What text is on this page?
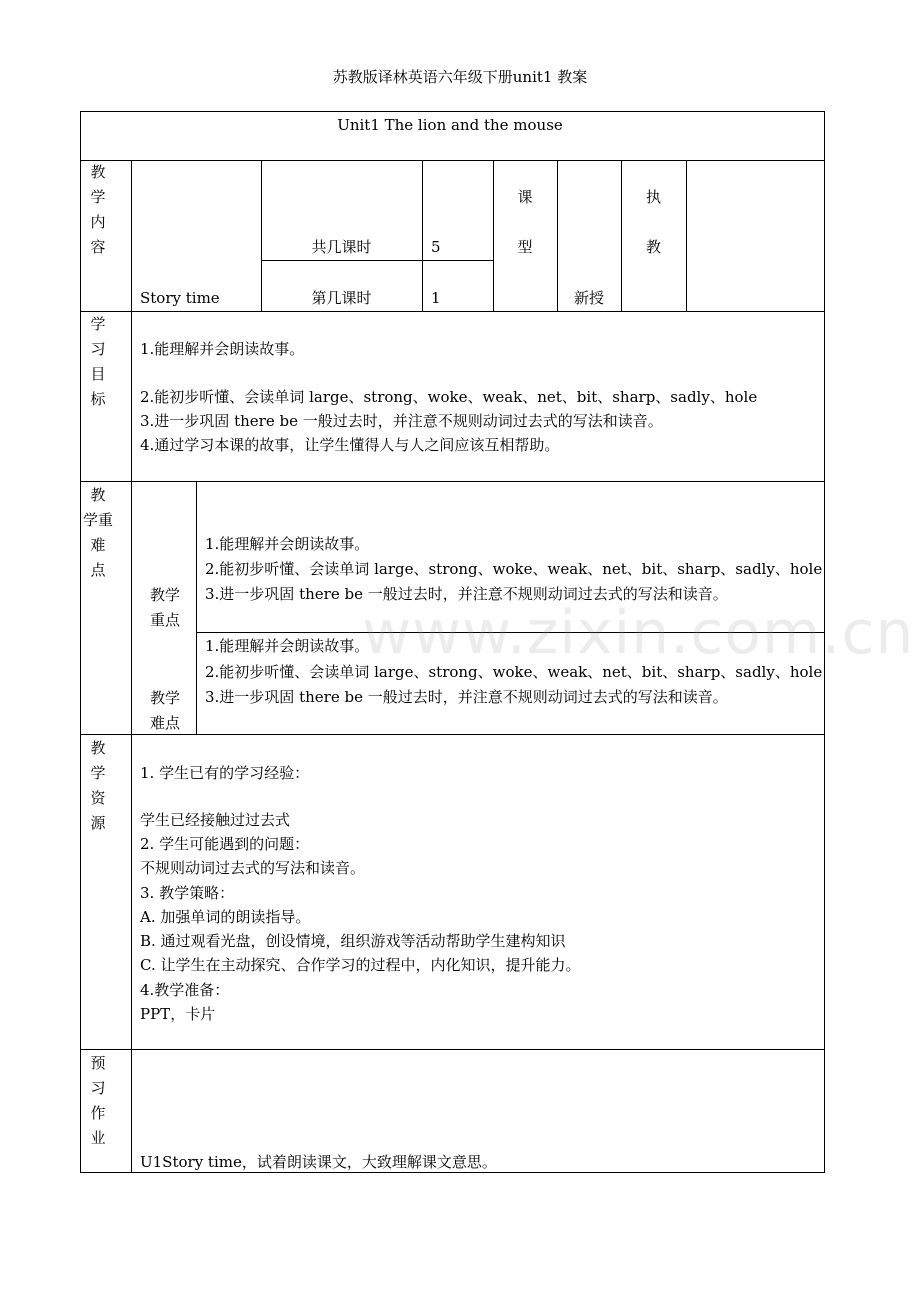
苏教版译林英语六年级下册unit1 教案
Unit1 The lion and the mouse
教
学
内
容
Story time
共几课时	5
第几课时	1
课
型
新授
执
教
学
习
目
标
1.能理解并会朗读故事。
2.能初步听懂、会读单词 large、strong、woke、weak、net、bit、sharp、sadly、hole
3.进一步巩固 there be 一般过去时，并注意不规则动词过去式的写法和读音。
4.通过学习本课的故事，让学生懂得人与人之间应该互相帮助。
教
学重
难
点
教学
重点
1.能理解并会朗读故事。
2.能初步听懂、会读单词 large、strong、woke、weak、net、bit、sharp、sadly、hole
3.进一步巩固 there be 一般过去时，并注意不规则动词过去式的写法和读音。
教学
难点
1.能理解并会朗读故事。
2.能初步听懂、会读单词 large、strong、woke、weak、net、bit、sharp、sadly、hole
3.进一步巩固 there be 一般过去时，并注意不规则动词过去式的写法和读音。
教
学
资
源
1. 学生已有的学习经验：
学生已经接触过过去式
2. 学生可能遇到的问题：
不规则动词过去式的写法和读音。
3. 教学策略：
A. 加强单词的朗读指导。
B. 通过观看光盘，创设情境，组织游戏等活动帮助学生建构知识
C. 让学生在主动探究、合作学习的过程中，内化知识，提升能力。
4.教学准备：
PPT，卡片
预
习
作
业
U1Story time，试着朗读课文，大致理解课文意思。
www.zixin.com.cn
